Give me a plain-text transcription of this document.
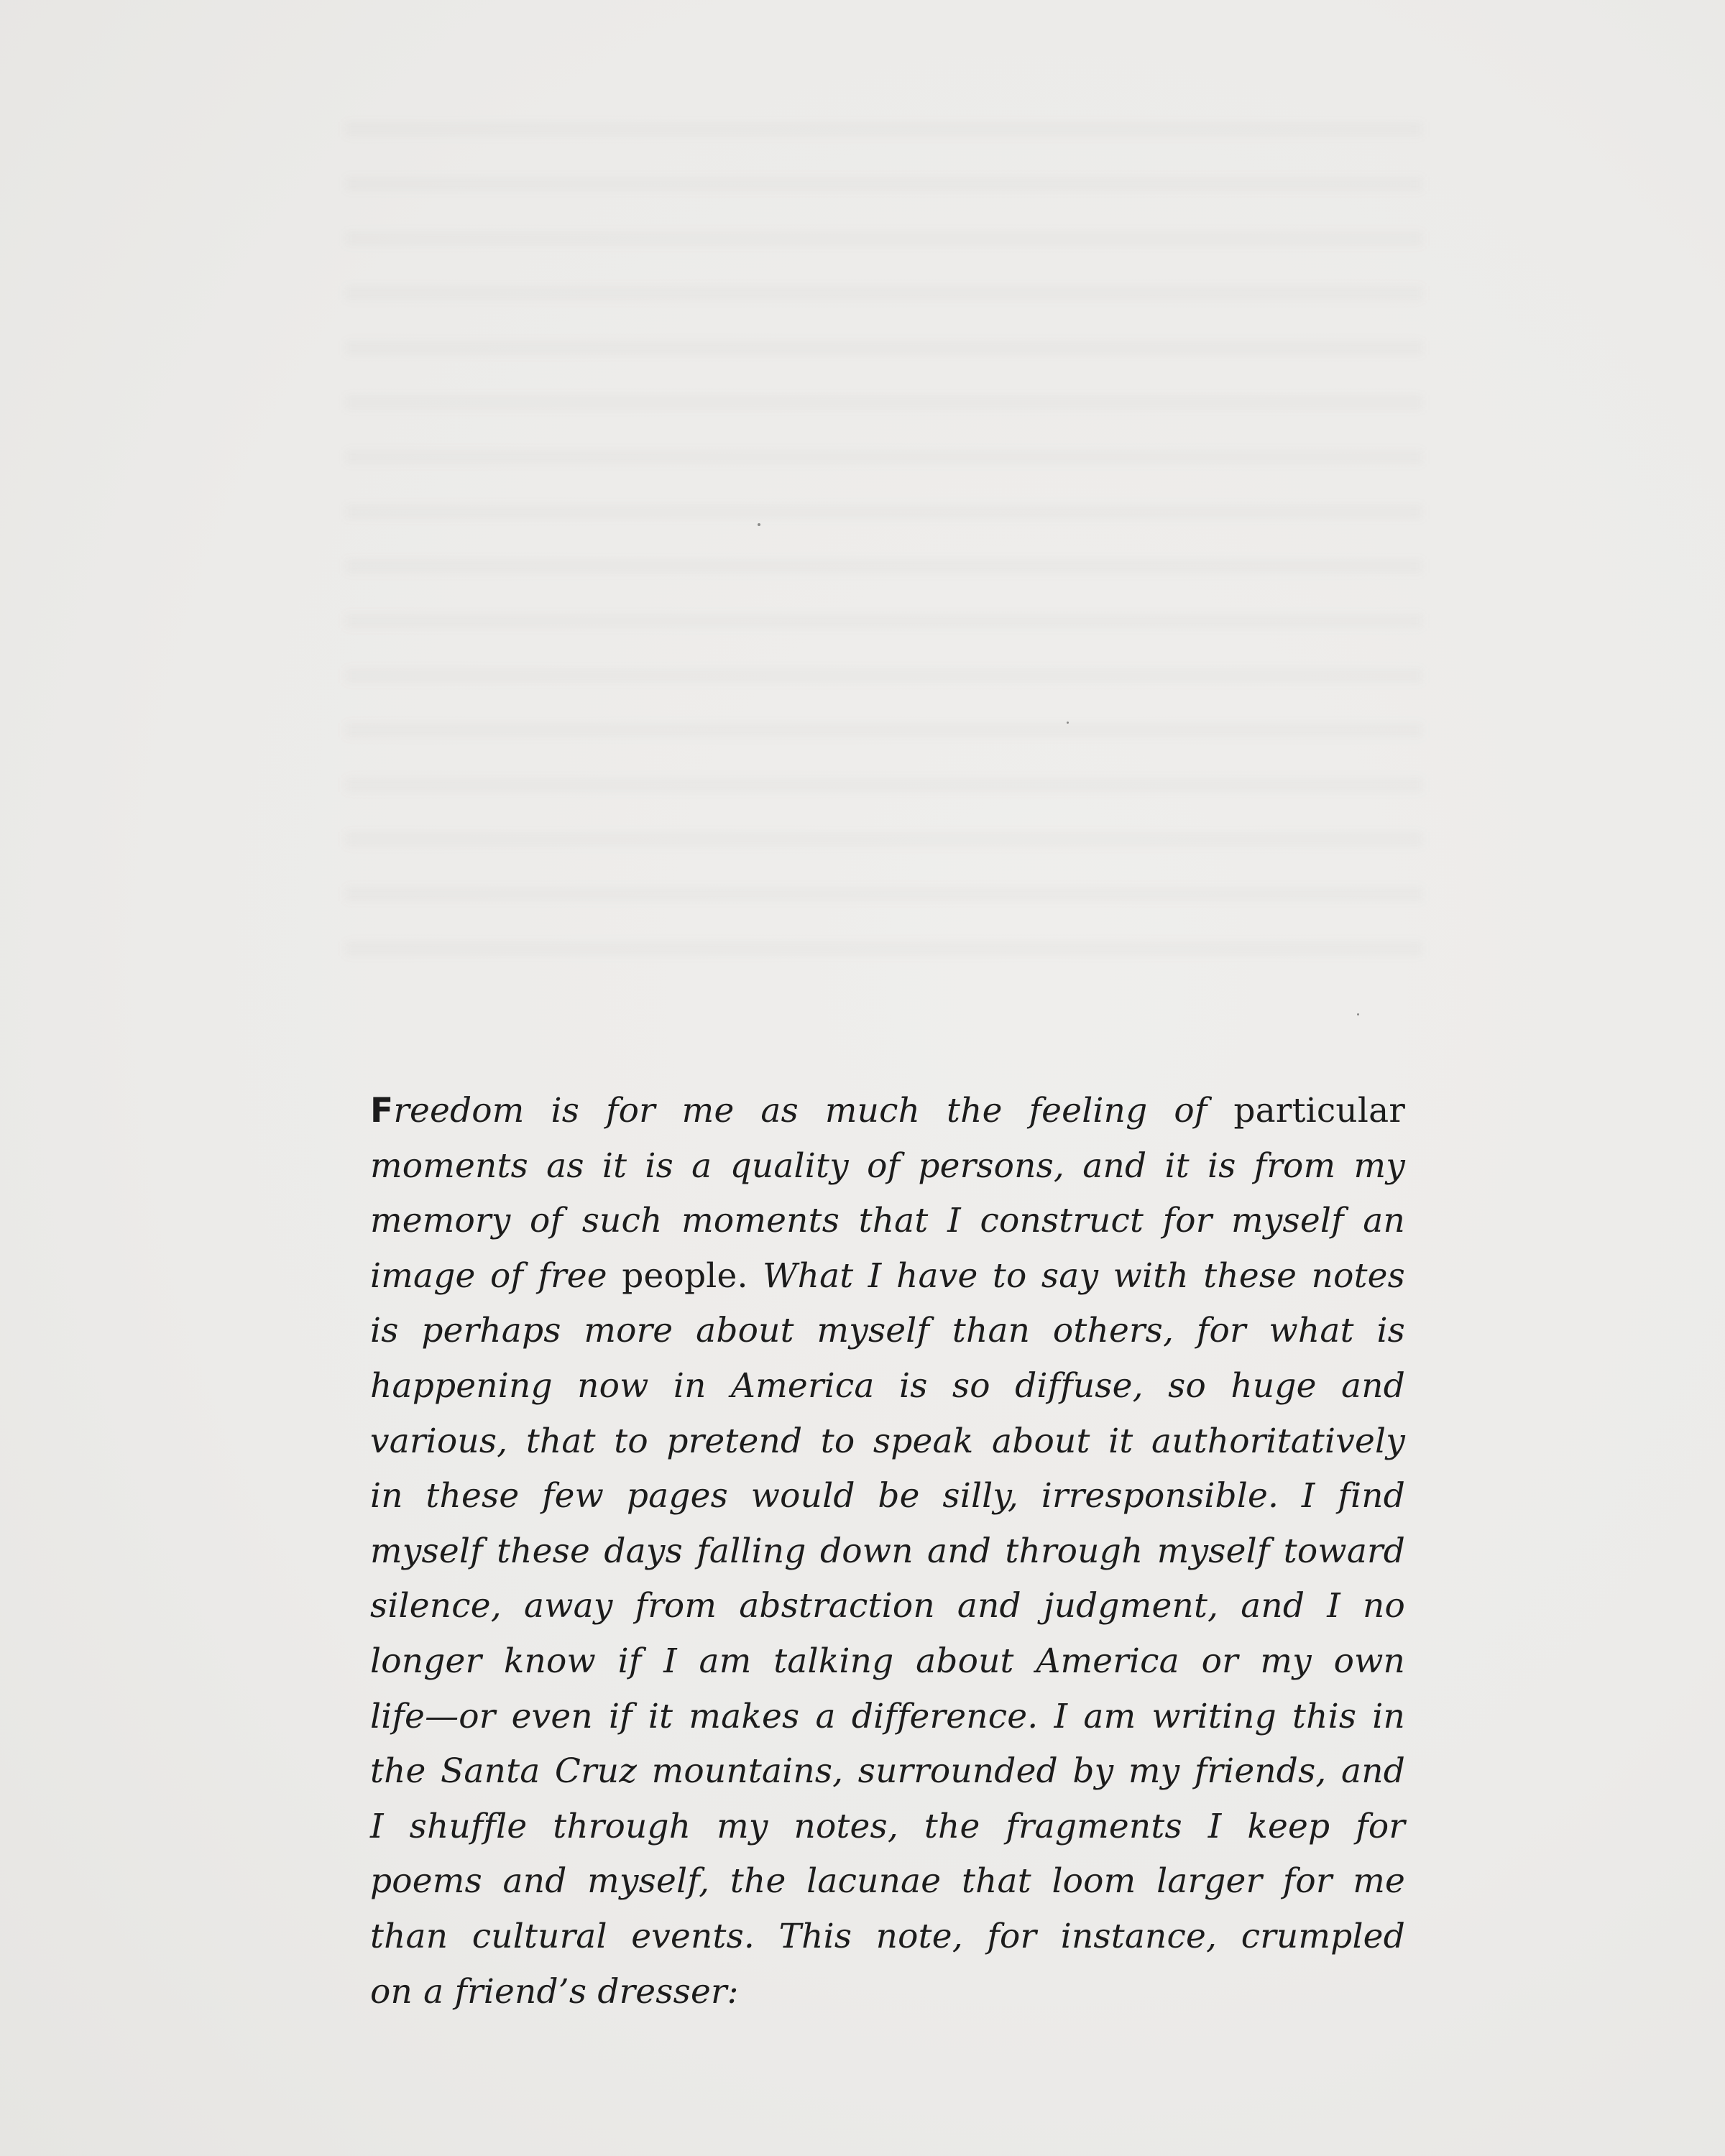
Freedom is for me as much the feeling of particular
moments as it is a quality of persons, and it is from my
memory of such moments that I construct for myself an
image of free people. What I have to say with these notes
is perhaps more about myself than others, for what is
happening now in America is so diffuse, so huge and
various, that to pretend to speak about it authoritatively
in these few pages would be silly, irresponsible. I find
myself these days falling down and through myself toward
silence, away from abstraction and judgment, and I no
longer know if I am talking about America or my own
life—or even if it makes a difference. I am writing this in
the Santa Cruz mountains, surrounded by my friends, and
I shuffle through my notes, the fragments I keep for
poems and myself, the lacunae that loom larger for me
than cultural events. This note, for instance, crumpled
on a friend’s dresser:
